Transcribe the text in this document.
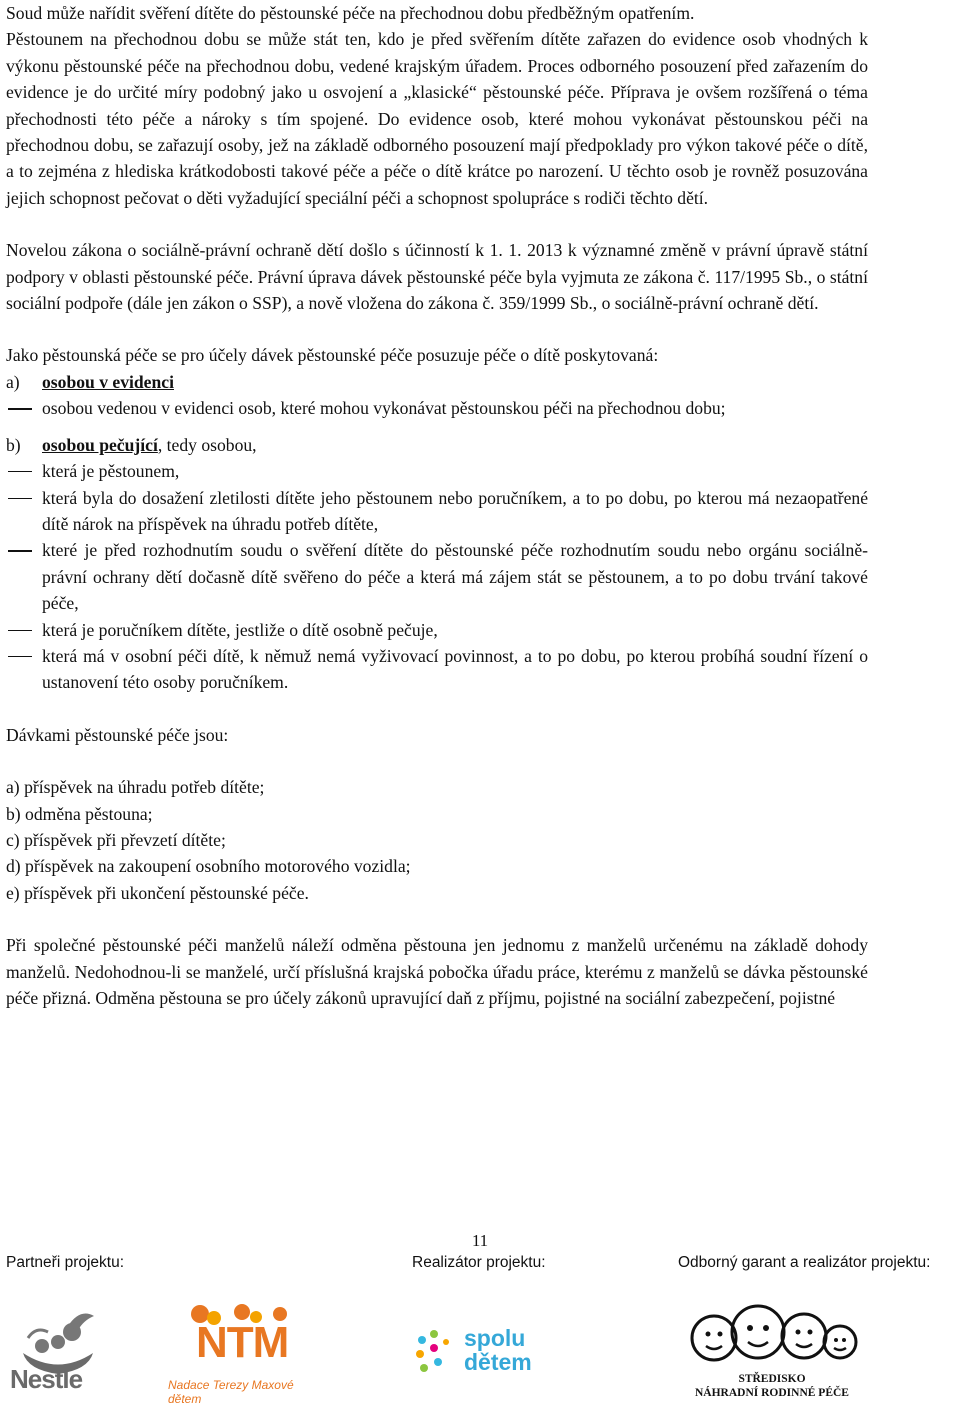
Soud může nařídit svěření dítěte do pěstounské péče na přechodnou dobu předběžným opatřením.

Pěstounem na přechodnou dobu se může stát ten, kdo je před svěřením dítěte zařazen do evidence osob vhodných k výkonu pěstounské péče na přechodnou dobu, vedené krajským úřadem. Proces odborného posouzení před zařazením do evidence je do určité míry podobný jako u osvojení a „klasické“ pěstounské péče. Příprava je ovšem rozšířená o téma přechodnosti této péče a nároky s tím spojené. Do evidence osob, které mohou vykonávat pěstounskou péči na přechodnou dobu, se zařazují osoby, jež na základě odborného posouzení mají předpoklady pro výkon takové péče o dítě, a to zejména z hlediska krátkodobosti takové péče a péče o dítě krátce po narození. U těchto osob je rovněž posuzována jejich schopnost pečovat o děti vyžadující speciální péči a schopnost spolupráce s rodiči těchto dětí.

Novelou zákona o sociálně-právní ochraně dětí došlo s účinností k 1. 1. 2013 k významné změně v právní úpravě státní podpory v oblasti pěstounské péče. Právní úprava dávek pěstounské péče byla vyjmuta ze zákona č. 117/1995 Sb., o státní sociální podpoře (dále jen zákon o SSP), a nově vložena do zákona č. 359/1999 Sb., o sociálně-právní ochraně dětí.

Jako pěstounská péče se pro účely dávek pěstounské péče posuzuje péče o dítě poskytovaná:

a)	osobou v evidenci
osobou vedenou v evidenci osob, které mohou vykonávat pěstounskou péči na přechodnou dobu;
b)	osobou pečující, tedy osobou,
která je pěstounem,
která byla do dosažení zletilosti dítěte jeho pěstounem nebo poručníkem, a to po dobu, po kterou má nezaopatřené dítě nárok na příspěvek na úhradu potřeb dítěte,
které je před rozhodnutím soudu o svěření dítěte do pěstounské péče rozhodnutím soudu nebo orgánu sociálně-právní ochrany dětí dočasně dítě svěřeno do péče a která má zájem stát se pěstounem, a to po dobu trvání takové péče,
která je poručníkem dítěte, jestliže o dítě osobně pečuje,
která má v osobní péči dítě, k němuž nemá vyživovací povinnost, a to po dobu, po kterou probíhá soudní řízení o ustanovení této osoby poručníkem.

Dávkami pěstounské péče jsou:

a) příspěvek na úhradu potřeb dítěte;

b) odměna pěstouna;

c) příspěvek při převzetí dítěte;

d) příspěvek na zakoupení osobního motorového vozidla;

e) příspěvek při ukončení pěstounské péče.

Při společné pěstounské péči manželů náleží odměna pěstouna jen jednomu z manželů určenému na základě dohody manželů. Nedohodnou-li se manželé, určí příslušná krajská pobočka úřadu práce, kterému z manželů se dávka pěstounské péče přizná. Odměna pěstouna se pro účely zákonů upravující daň z příjmu, pojistné na sociální zabezpečení, pojistné

11
Partneři projektu:	Realizátor projektu:	Odborný garant a realizátor projektu:
Nestle
NTM
Nadace Terezy Maxové dětem
spolu
dětem
STŘEDISKO
NÁHRADNÍ RODINNÉ PÉČE
